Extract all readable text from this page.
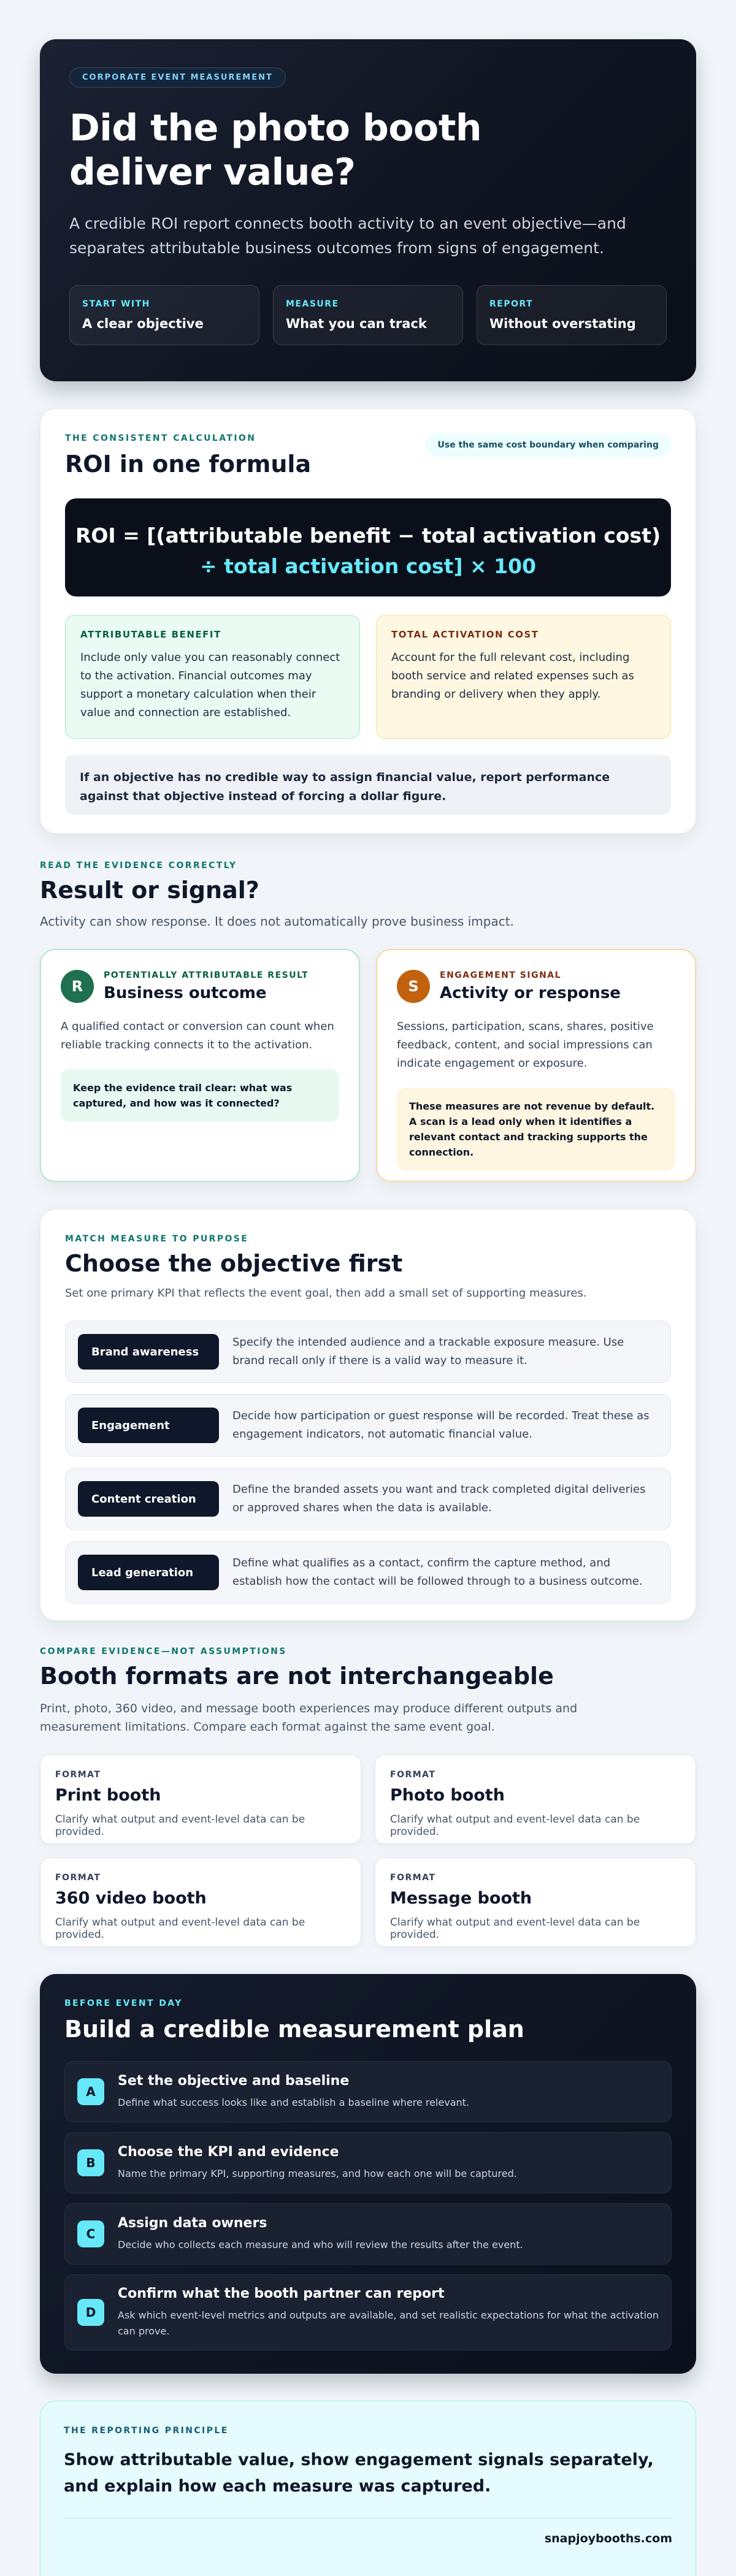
CORPORATE EVENT MEASUREMENT
Did the photo booth deliver value?

A credible ROI report connects booth activity to an event objective—and separates attributable business outcomes from signs of engagement.

START WITH
A clear objective
MEASURE
What you can track
REPORT
Without overstating
THE CONSISTENT CALCULATION
ROI in one formula
Use the same cost boundary when comparing
ROI = [(attributable benefit − total activation cost)
÷ total activation cost] × 100
ATTRIBUTABLE BENEFIT
Include only value you can reasonably connect to the activation. Financial outcomes may support a monetary calculation when their value and connection are established.
TOTAL ACTIVATION COST
Account for the full relevant cost, including booth service and related expenses such as branding or delivery when they apply.
If an objective has no credible way to assign financial value, report performance against that objective instead of forcing a dollar figure.
READ THE EVIDENCE CORRECTLY
Result or signal?

Activity can show response. It does not automatically prove business impact.

R
POTENTIALLY ATTRIBUTABLE RESULT
Business outcome

A qualified contact or conversion can count when reliable tracking connects it to the activation.

Keep the evidence trail clear: what was captured, and how was it connected?
S
ENGAGEMENT SIGNAL
Activity or response

Sessions, participation, scans, shares, positive feedback, content, and social impressions can indicate engagement or exposure.

These measures are not revenue by default. A scan is a lead only when it identifies a relevant contact and tracking supports the connection.
MATCH MEASURE TO PURPOSE
Choose the objective first

Set one primary KPI that reflects the event goal, then add a small set of supporting measures.

Brand awareness
Specify the intended audience and a trackable exposure measure. Use brand recall only if there is a valid way to measure it.
Engagement
Decide how participation or guest response will be recorded. Treat these as engagement indicators, not automatic financial value.
Content creation
Define the branded assets you want and track completed digital deliveries or approved shares when the data is available.
Lead generation
Define what qualifies as a contact, confirm the capture method, and establish how the contact will be followed through to a business outcome.
COMPARE EVIDENCE—NOT ASSUMPTIONS
Booth formats are not interchangeable

Print, photo, 360 video, and message booth experiences may produce different outputs and measurement limitations. Compare each format against the same event goal.

FORMAT
Print booth
Clarify what output and event-level data can be provided.
FORMAT
Photo booth
Clarify what output and event-level data can be provided.
FORMAT
360 video booth
Clarify what output and event-level data can be provided.
FORMAT
Message booth
Clarify what output and event-level data can be provided.
BEFORE EVENT DAY
Build a credible measurement plan
A
Set the objective and baseline
Define what success looks like and establish a baseline where relevant.
B
Choose the KPI and evidence
Name the primary KPI, supporting measures, and how each one will be captured.
C
Assign data owners
Decide who collects each measure and who will review the results after the event.
D
Confirm what the booth partner can report
Ask which event-level metrics and outputs are available, and set realistic expectations for what the activation can prove.
THE REPORTING PRINCIPLE

Show attributable value, show engagement signals separately, and explain how each measure was captured.

snapjoybooths.com
